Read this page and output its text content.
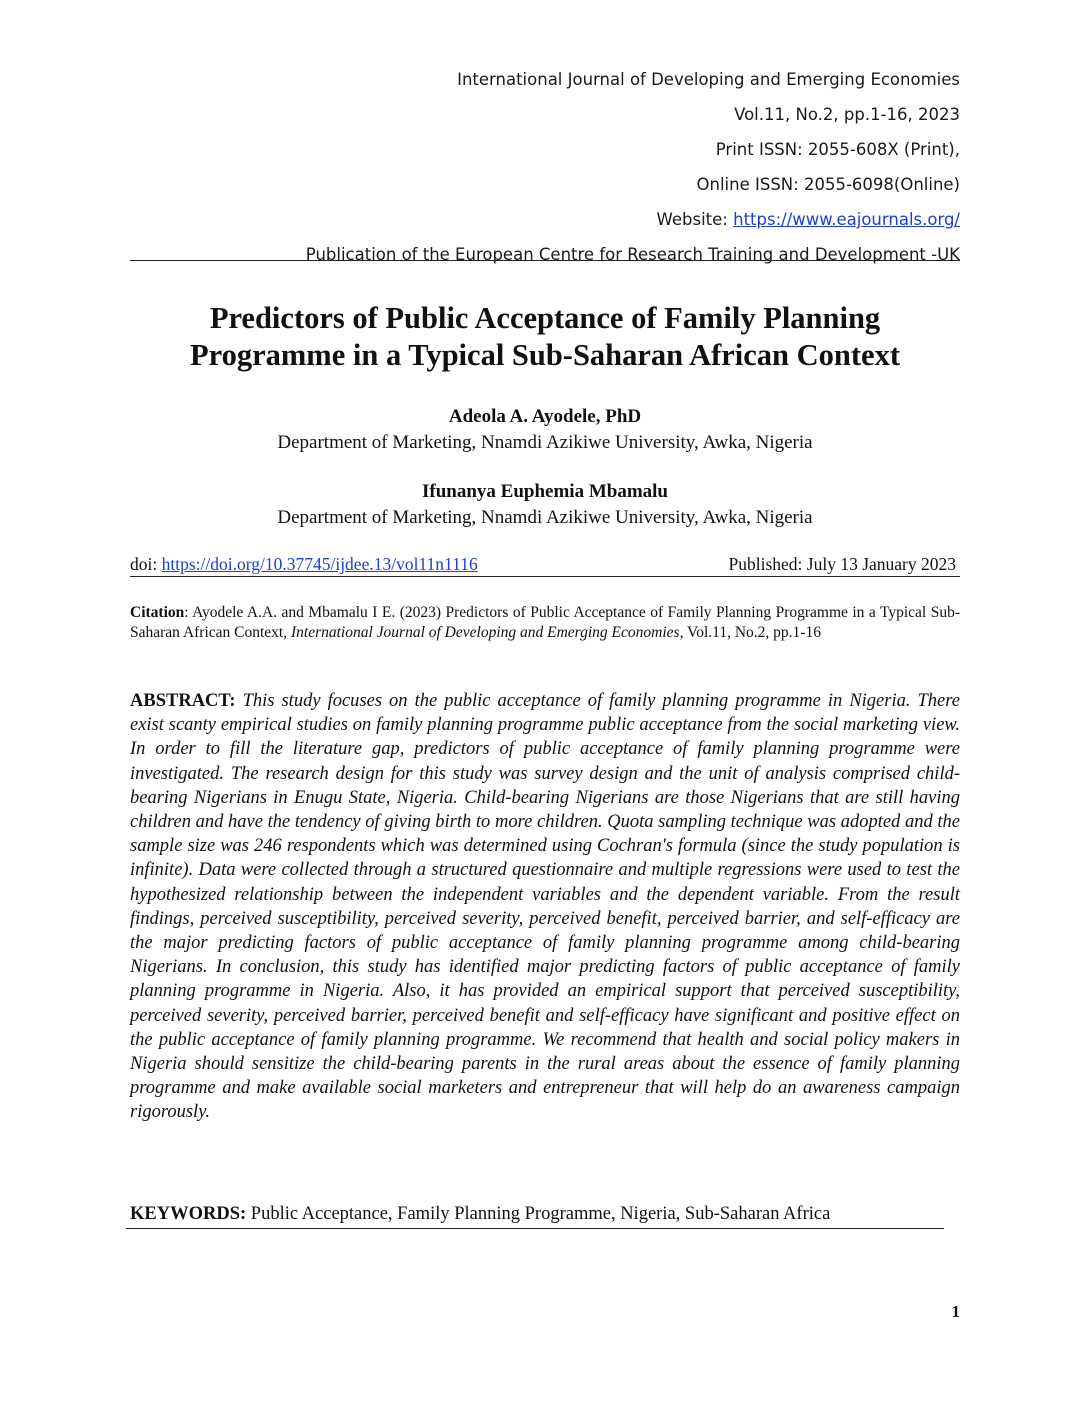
International Journal of Developing and Emerging Economies
Vol.11, No.2, pp.1-16, 2023
Print ISSN: 2055-608X (Print),
Online ISSN: 2055-6098(Online)
Website: https://www.eajournals.org/
Publication of the European Centre for Research Training and Development -UK
Predictors of Public Acceptance of Family Planning
Programme in a Typical Sub-Saharan African Context
Adeola A. Ayodele, PhD
Department of Marketing, Nnamdi Azikiwe University, Awka, Nigeria
Ifunanya Euphemia Mbamalu
Department of Marketing, Nnamdi Azikiwe University, Awka, Nigeria
doi: https://doi.org/10.37745/ijdee.13/vol11n1116	Published: July 13 January 2023
Citation: Ayodele A.A. and Mbamalu I E. (2023) Predictors of Public Acceptance of Family Planning Programme in a Typical Sub-Saharan African Context, International Journal of Developing and Emerging Economies, Vol.11, No.2, pp.1-16
ABSTRACT: This study focuses on the public acceptance of family planning programme in Nigeria. There exist scanty empirical studies on family planning programme public acceptance from the social marketing view. In order to fill the literature gap, predictors of public acceptance of family planning programme were investigated. The research design for this study was survey design and the unit of analysis comprised child-bearing Nigerians in Enugu State, Nigeria. Child-bearing Nigerians are those Nigerians that are still having children and have the tendency of giving birth to more children. Quota sampling technique was adopted and the sample size was 246 respondents which was determined using Cochran's formula (since the study population is infinite). Data were collected through a structured questionnaire and multiple regressions were used to test the hypothesized relationship between the independent variables and the dependent variable. From the result findings, perceived susceptibility, perceived severity, perceived benefit, perceived barrier, and self-efficacy are the major predicting factors of public acceptance of family planning programme among child-bearing Nigerians. In conclusion, this study has identified major predicting factors of public acceptance of family planning programme in Nigeria. Also, it has provided an empirical support that perceived susceptibility, perceived severity, perceived barrier, perceived benefit and self-efficacy have significant and positive effect on the public acceptance of family planning programme. We recommend that health and social policy makers in Nigeria should sensitize the child-bearing parents in the rural areas about the essence of family planning programme and make available social marketers and entrepreneur that will help do an awareness campaign rigorously.
KEYWORDS: Public Acceptance, Family Planning Programme, Nigeria, Sub-Saharan Africa
1
